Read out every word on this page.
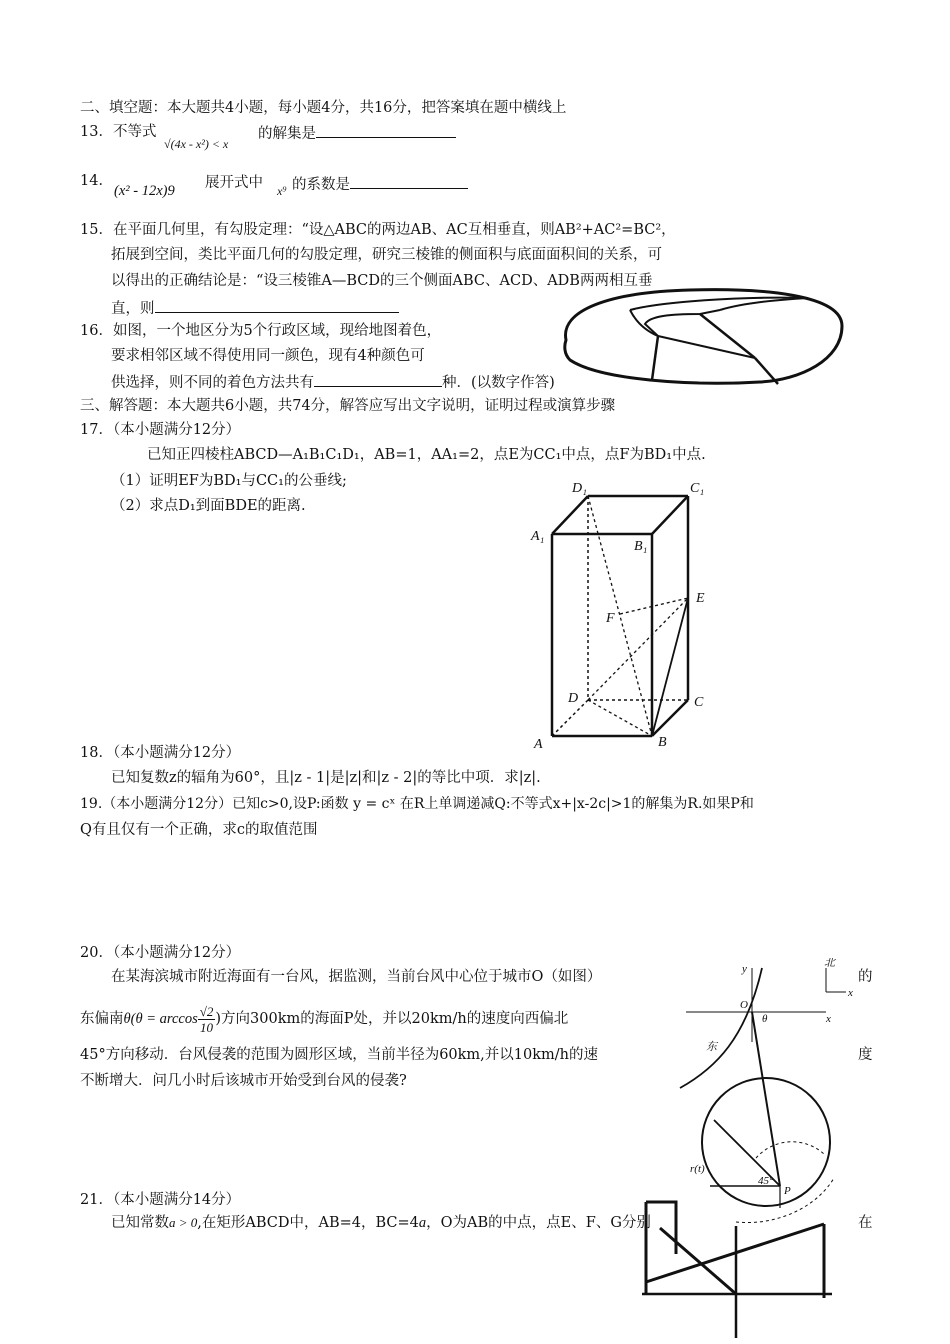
二、填空题：本大题共4小题，每小题4分，共16分，把答案填在题中横线上
13．不等式
√(4x - x²) < x
的解集是
14．
(x² - 12x)9 展开式中 x⁹ 的系数是
15．在平面几何里，有勾股定理：“设△ABC的两边AB、AC互相垂直，则AB²+AC²=BC²，
拓展到空间，类比平面几何的勾股定理，研究三棱锥的侧面积与底面面积间的关系，可
以得出的正确结论是：“设三棱锥A—BCD的三个侧面ABC、ACD、ADB两两相互垂
直，则
16．如图，一个地区分为5个行政区域，现给地图着色，
要求相邻区域不得使用同一颜色，现有4种颜色可
供选择，则不同的着色方法共有	种．(以数字作答)
三、解答题：本大题共6小题，共74分，解答应写出文字说明，证明过程或演算步骤
17．（本小题满分12分）
已知正四棱柱ABCD—A₁B₁C₁D₁，AB=1，AA₁=2，点E为CC₁中点，点F为BD₁中点.
（1）证明EF为BD₁与CC₁的公垂线;
（2）求点D₁到面BDE的距离.
D₁	C₁
A₁
B₁
E
F
D	C
A	B
18．（本小题满分12分）
已知复数z的辐角为60°，且|z - 1|是|z|和|z - 2|的等比中项．求|z|.
19.（本小题满分12分）已知c>0,设P:函数 y = cˣ 在R上单调递减Q:不等式x+|x-2c|>1的解集为R.如果P和
Q有且仅有一个正确，求c的取值范围
20．（本小题满分12分）
在某海滨城市附近海面有一台风，据监测，当前台风中心位于城市O（如图）	的
东偏南$\theta(\theta = \arccos \frac{√2}{10}$ )方向300km的海面P处，并以20km/h的速度向西偏北
45°方向移动．台风侵袭的范围为圆形区域，当前半径为60km,并以10km/h的速	度
不断增大．问几小时后该城市开始受到台风的侵袭?
y	北
x
O
θ	x
东
r(t)
45°
P
21．（本小题满分14分）
已知常数a > 0,在矩形ABCD中，AB=4，BC=4a，O为AB的中点，点E、F、G分别	在
